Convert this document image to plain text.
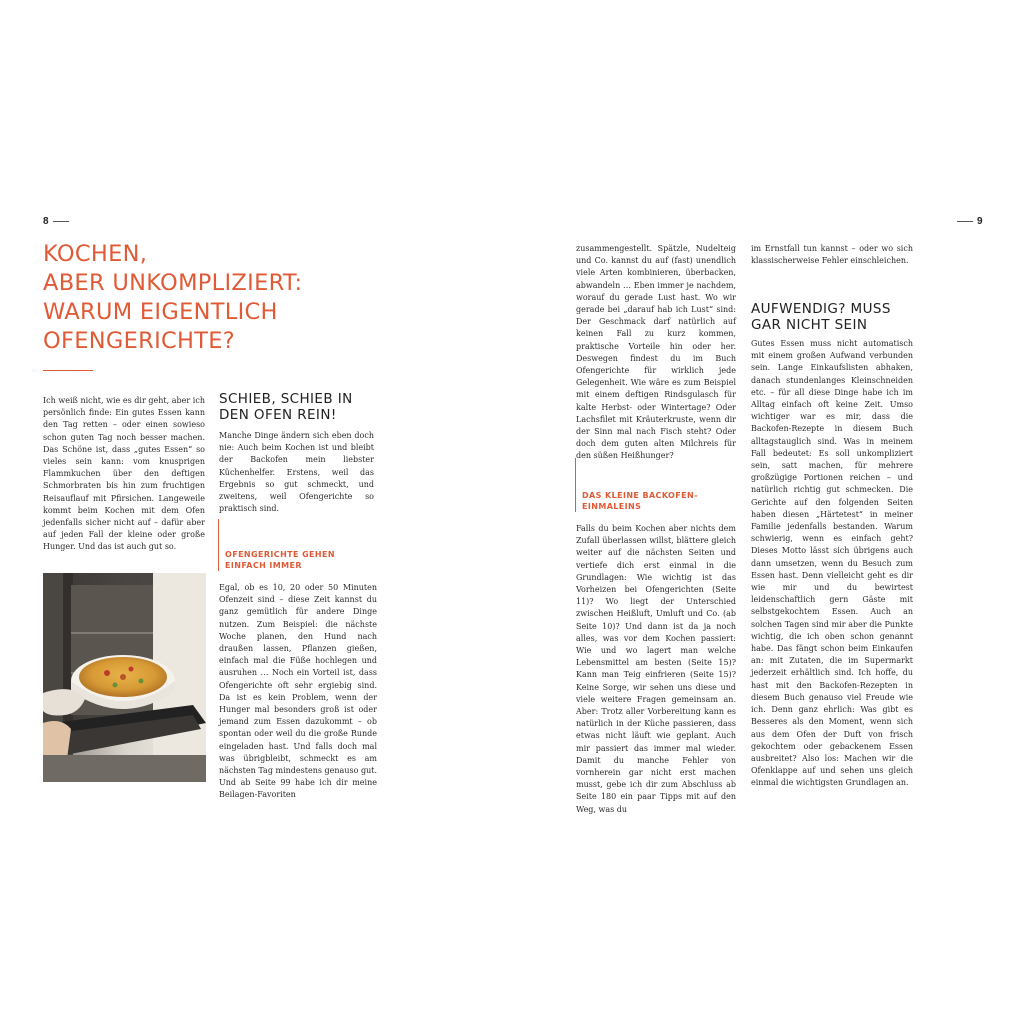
8
KOCHEN,
ABER UNKOMPLIZIERT:
WARUM EIGENTLICH
OFENGERICHTE?
Ich weiß nicht, wie es dir geht, aber ich persönlich finde: Ein gutes Essen kann den Tag retten – oder einen sowieso schon guten Tag noch besser machen. Das Schöne ist, dass „gutes Essen“ so vieles sein kann: vom knusprigen Flammkuchen über den deftigen Schmorbraten bis hin zum fruchtigen Reisauflauf mit Pfirsichen. Langeweile kommt beim Kochen mit dem Ofen jedenfalls sicher nicht auf – dafür aber auf jeden Fall der kleine oder große Hunger. Und das ist auch gut so.
SCHIEB, SCHIEB IN DEN OFEN REIN!
Manche Dinge ändern sich eben doch nie: Auch beim Kochen ist und bleibt der Backofen mein liebster Küchenhelfer. Erstens, weil das Ergebnis so gut schmeckt, und zweitens, weil Ofengerichte so praktisch sind.
OFENGERICHTE GEHEN EINFACH IMMER
Egal, ob es 10, 20 oder 50 Minuten Ofenzeit sind – diese Zeit kannst du ganz gemütlich für andere Dinge nutzen. Zum Beispiel: die nächste Woche planen, den Hund nach draußen lassen, Pflanzen gießen, einfach mal die Füße hochlegen und ausruhen … Noch ein Vorteil ist, dass Ofengerichte oft sehr ergiebig sind. Da ist es kein Problem, wenn der Hunger mal besonders groß ist oder jemand zum Essen dazukommt – ob spontan oder weil du die große Runde eingeladen hast. Und falls doch mal was übrigbleibt, schmeckt es am nächsten Tag mindestens genauso gut. Und ab Seite 99 habe ich dir meine Beilagen-Favoriten
9
zusammengestellt. Spätzle, Nudelteig und Co. kannst du auf (fast) unendlich viele Arten kombinieren, überbacken, abwandeln … Eben immer je nachdem, worauf du gerade Lust hast. Wo wir gerade bei „darauf hab ich Lust“ sind: Der Geschmack darf natürlich auf keinen Fall zu kurz kommen, praktische Vorteile hin oder her. Deswegen findest du im Buch Ofengerichte für wirklich jede Gelegenheit. Wie wäre es zum Beispiel mit einem deftigen Rindsgulasch für kalte Herbst- oder Wintertage? Oder Lachsfilet mit Kräuterkruste, wenn dir der Sinn mal nach Fisch steht? Oder doch dem guten alten Milchreis für den süßen Heißhunger?
DAS KLEINE BACKOFEN-EINMALEINS
Falls du beim Kochen aber nichts dem Zufall überlassen willst, blättere gleich weiter auf die nächsten Seiten und vertiefe dich erst einmal in die Grundlagen: Wie wichtig ist das Vorheizen bei Ofengerichten (Seite 11)? Wo liegt der Unterschied zwischen Heißluft, Umluft und Co. (ab Seite 10)? Und dann ist da ja noch alles, was vor dem Kochen passiert: Wie und wo lagert man welche Lebensmittel am besten (Seite 15)? Kann man Teig einfrieren (Seite 15)? Keine Sorge, wir sehen uns diese und viele weitere Fragen gemeinsam an. Aber: Trotz aller Vorbereitung kann es natürlich in der Küche passieren, dass etwas nicht läuft wie geplant. Auch mir passiert das immer mal wieder. Damit du manche Fehler von vornherein gar nicht erst machen musst, gebe ich dir zum Abschluss ab Seite 180 ein paar Tipps mit auf den Weg, was du
im Ernstfall tun kannst – oder wo sich klassischerweise Fehler einschleichen.
AUFWENDIG? MUSS GAR NICHT SEIN
Gutes Essen muss nicht automatisch mit einem großen Aufwand verbunden sein. Lange Einkaufslisten abhaken, danach stundenlanges Kleinschneiden etc. – für all diese Dinge habe ich im Alltag einfach oft keine Zeit. Umso wichtiger war es mir, dass die Backofen-Rezepte in diesem Buch alltagstauglich sind. Was in meinem Fall bedeutet: Es soll unkompliziert sein, satt machen, für mehrere großzügige Portionen reichen – und natürlich richtig gut schmecken. Die Gerichte auf den folgenden Seiten haben diesen „Härtetest“ in meiner Familie jedenfalls bestanden. Warum schwierig, wenn es einfach geht? Dieses Motto lässt sich übrigens auch dann umsetzen, wenn du Besuch zum Essen hast. Denn vielleicht geht es dir wie mir und du bewirtest leidenschaftlich gern Gäste mit selbstgekochtem Essen. Auch an solchen Tagen sind mir aber die Punkte wichtig, die ich oben schon genannt habe. Das fängt schon beim Einkaufen an: mit Zutaten, die im Supermarkt jederzeit erhältlich sind. Ich hoffe, du hast mit den Backofen-Rezepten in diesem Buch genauso viel Freude wie ich. Denn ganz ehrlich: Was gibt es Besseres als den Moment, wenn sich aus dem Ofen der Duft von frisch gekochtem oder gebackenem Essen ausbreitet? Also los: Machen wir die Ofenklappe auf und sehen uns gleich einmal die wichtigsten Grundlagen an.
